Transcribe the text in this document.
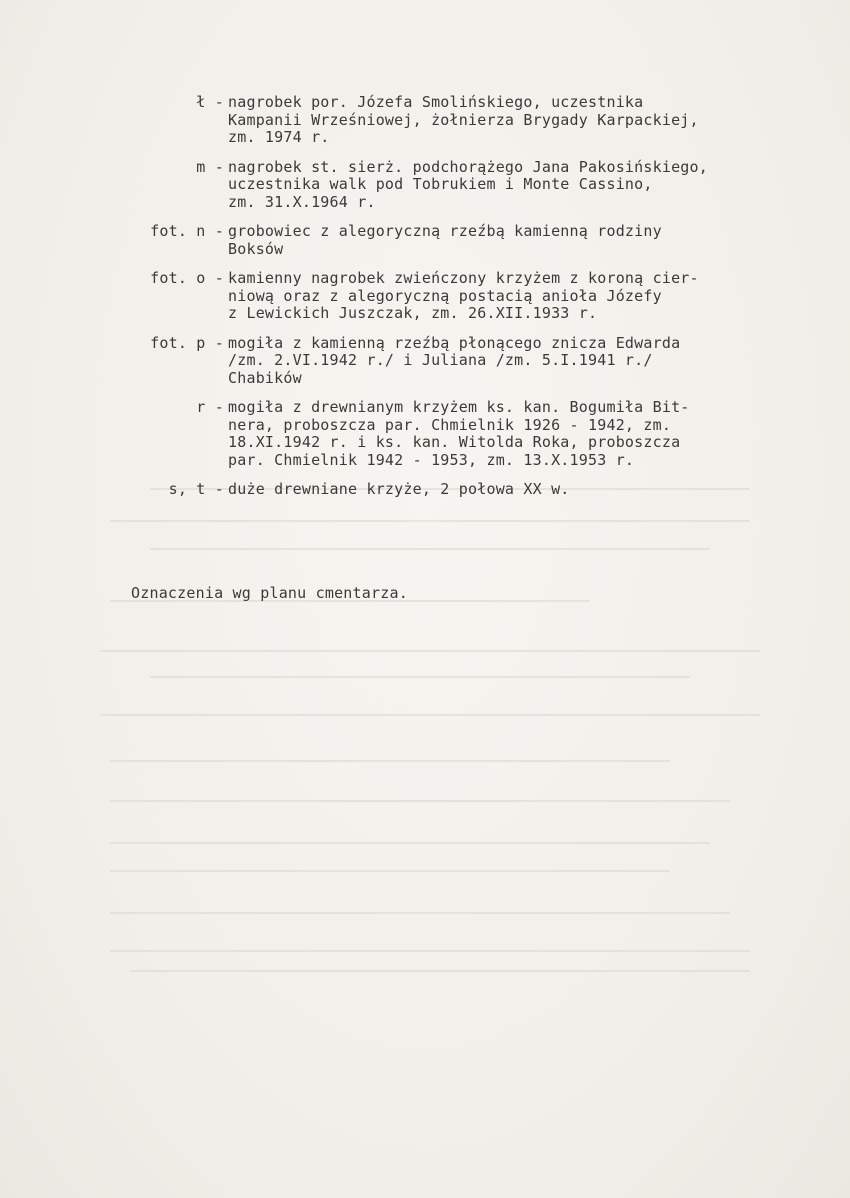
ł - nagrobek por. Józefa Smolińskiego, uczestnika
Kampanii Wrześniowej, żołnierza Brygady Karpackiej,
zm. 1974 r.
m - nagrobek st. sierż. podchorążego Jana Pakosińskiego,
uczestnika walk pod Tobrukiem i Monte Cassino,
zm. 31.X.1964 r.
fot. n - grobowiec z alegoryczną rzeźbą kamienną rodziny
Boksów
fot. o - kamienny nagrobek zwieńczony krzyżem z koroną cier-
niową oraz z alegoryczną postacią anioła Józefy
z Lewickich Juszczak, zm. 26.XII.1933 r.
fot. p - mogiła z kamienną rzeźbą płonącego znicza Edwarda
/zm. 2.VI.1942 r./ i Juliana /zm. 5.I.1941 r./
Chabików
r - mogiła z drewnianym krzyżem ks. kan. Bogumiła Bit-
nera, proboszcza par. Chmielnik 1926 - 1942, zm.
18.XI.1942 r. i ks. kan. Witolda Roka, proboszcza
par. Chmielnik 1942 - 1953, zm. 13.X.1953 r.
s, t - duże drewniane krzyże, 2 połowa XX w.
Oznaczenia wg planu cmentarza.
